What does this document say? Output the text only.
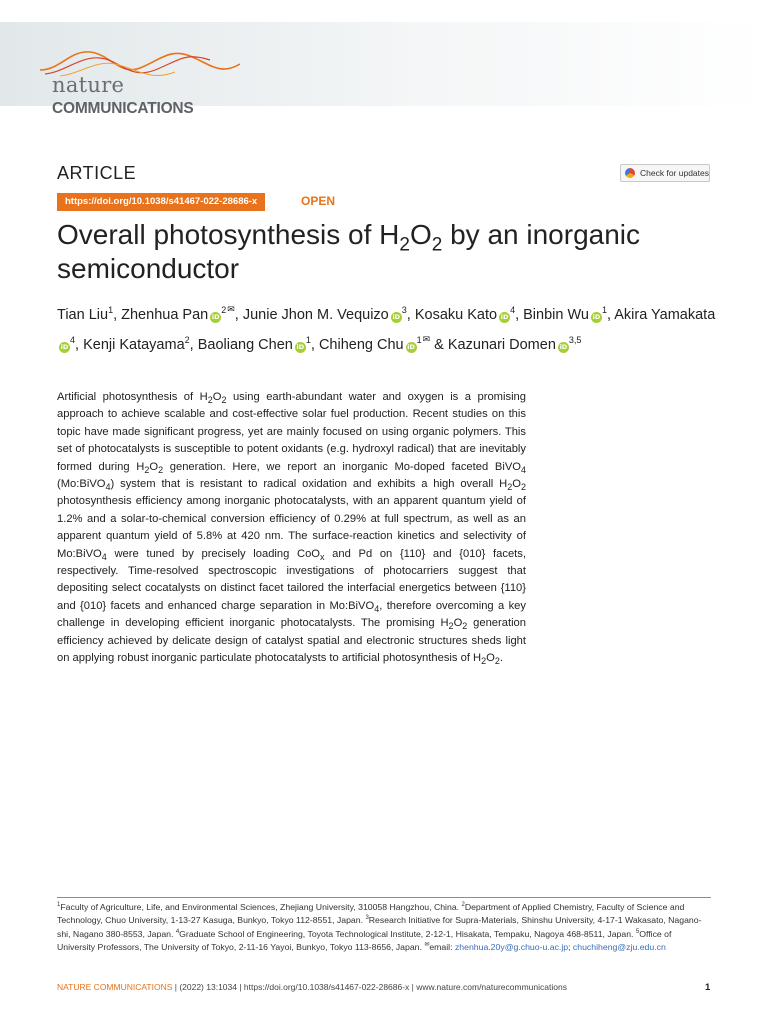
nature
COMMUNICATIONS
ARTICLE	Check for updates
https://doi.org/10.1038/s41467-022-28686-x	OPEN
Overall photosynthesis of $H_2O_2$ by an inorganic semiconductor

Tian Liu$^1$, Zhenhua Pan $iD^{2✉}$, Junie Jhon M. Vequizo $iD^3$, Kosaku Kato $iD^4$, Binbin Wu $iD^1$, Akira YamakataiD$^4$, Kenji Katayama$^2$, Baoliang Chen $iD^1$, Chiheng Chu $iD^{1✉}$ & Kazunari Domen iD$^{3,5}$

Artificial photosynthesis of $H_2O_2$ using earth-abundant water and oxygen is a promising approach to achieve scalable and cost-effective solar fuel production. Recent studies on this topic have made significant progress, yet are mainly focused on using organic polymers. This set of photocatalysts is susceptible to potent oxidants (e.g. hydroxyl radical) that are inevitably formed during $H_2O_2$ generation. Here, we report an inorganic Mo-doped faceted BiVO$_4$ (Mo:BiVO$_4$) system that is resistant to radical oxidation and exhibits a high overall $H_2O_2$ photosynthesis efficiency among inorganic photocatalysts, with an apparent quantum yield of 1.2% and a solar-to-chemical conversion efficiency of 0.29% at full spectrum, as well as an apparent quantum yield of 5.8% at 420 nm. The surface-reaction kinetics and selectivity of Mo:BiVO$_4$ were tuned by precisely loading CoO$_x$ and Pd on {110} and {010} facets, respectively. Time-resolved spectroscopic investigations of photocarriers suggest that depositing select cocatalysts on distinct facet tailored the interfacial energetics between {110} and {010} facets and enhanced charge separation in Mo:BiVO$_4$, therefore overcoming a key challenge in developing efficient inorganic photocatalysts. The promising $H_2O_2$ generation efficiency achieved by delicate design of catalyst spatial and electronic structures sheds light on applying robust inorganic particulate photocatalysts to artificial photosynthesis of $H_2O_2$.

$^1$Faculty of Agriculture, Life, and Environmental Sciences, Zhejiang University, 310058 Hangzhou, China. $^2$Department of Applied Chemistry, Faculty of Science and Technology, Chuo University, 1-13-27 Kasuga, Bunkyo, Tokyo 112-8551, Japan. $^3$Research Initiative for Supra-Materials, Shinshu University, 4-17-1 Wakasato, Nagano-shi, Nagano 380-8553, Japan. $^4$Graduate School of Engineering, Toyota Technological Institute, 2-12-1, Hisakata, Tempaku, Nagoya 468-8511, Japan. $^5$Office of University Professors, The University of Tokyo, 2-11-16 Yayoi, Bunkyo, Tokyo 113-8656, Japan. ✉email: zhenhua.20y@g.chuo-u.ac.jp; chuchiheng@zju.edu.cn

NATURE COMMUNICATIONS | (2022) 13:1034 | https://doi.org/10.1038/s41467-022-28686-x | www.nature.com/naturecommunications	1
